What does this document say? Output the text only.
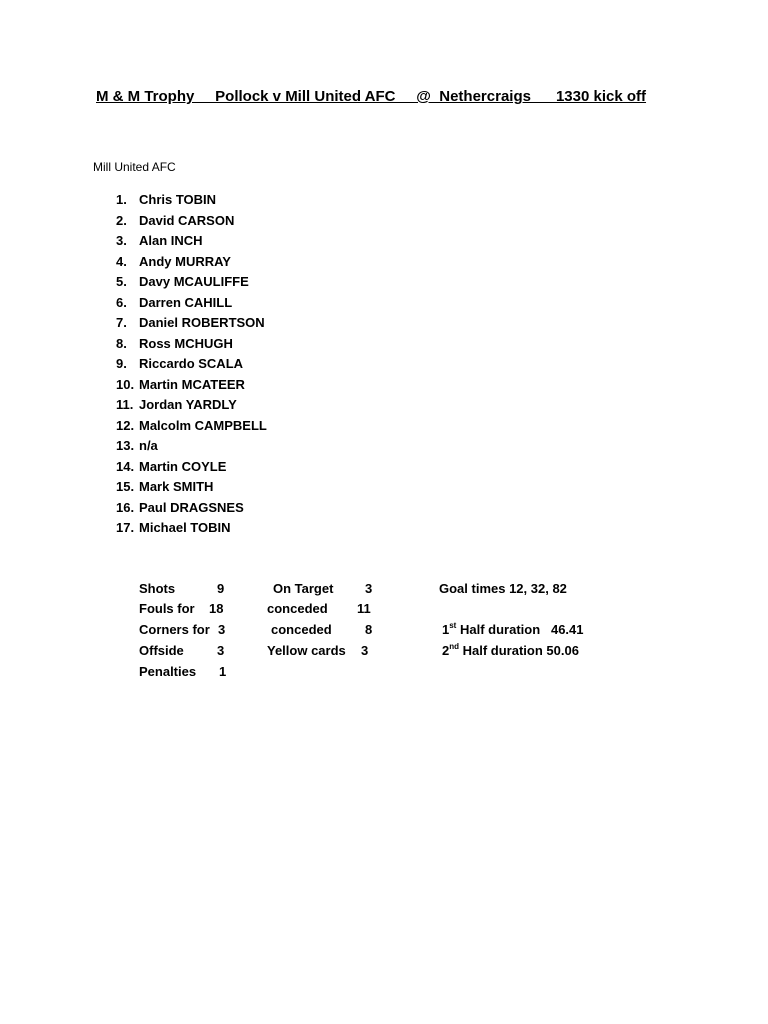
M & M Trophy     Pollock v Mill United AFC     @  Nethercraigs      1330 kick off
Mill United AFC
1. Chris TOBIN
2. David CARSON
3. Alan INCH
4. Andy MURRAY
5. Davy MCAULIFFE
6. Darren CAHILL
7. Daniel ROBERTSON
8. Ross MCHUGH
9. Riccardo SCALA
10. Martin MCATEER
11. Jordan YARDLY
12. Malcolm CAMPBELL
13. n/a
14. Martin COYLE
15. Mark SMITH
16. Paul DRAGSNES
17. Michael TOBIN
Shots	9	On Target 3	Goal times 12, 32, 82
Fouls for 18	conceded 11
Corners for 3	conceded	8	1st Half duration   46.41
Offside	3	Yellow cards 3	2nd Half duration 50.06
Penalties 1
